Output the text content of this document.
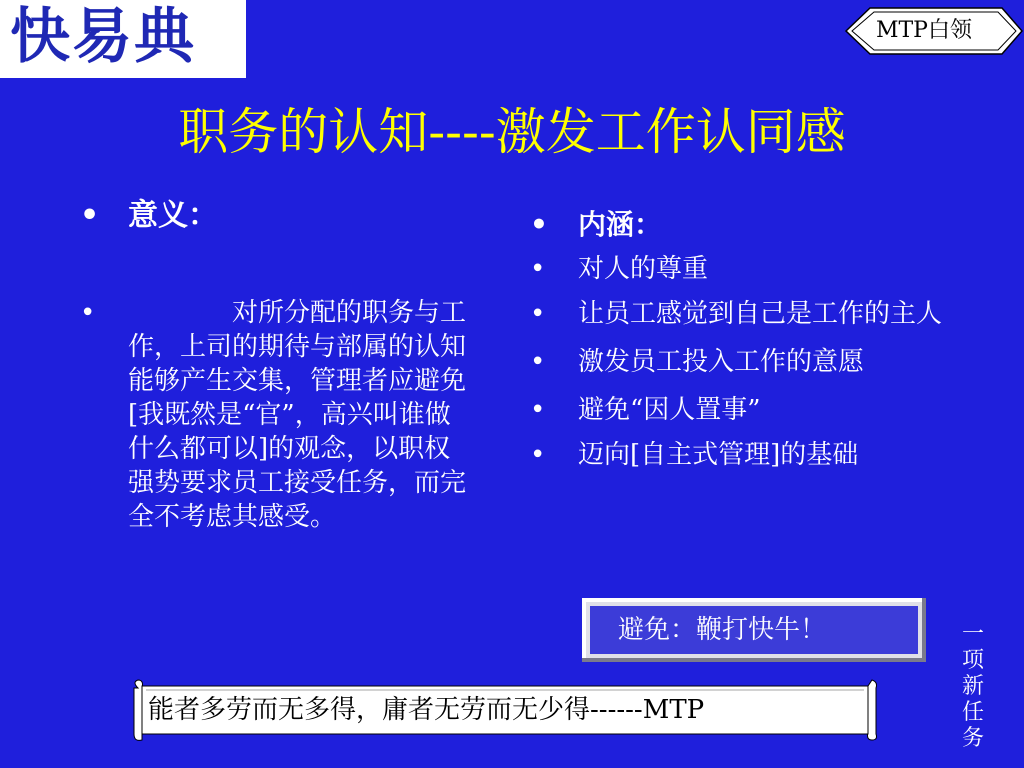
快易典	MTP白领
职务的认知----激发工作认同感
• 意义：
•	对所分配的职务与工作，上司的期待与部属的认知能够产生交集，管理者应避免[我既然是“官”，高兴叫谁做什么都可以]的观念，以职权强势要求员工接受任务，而完全不考虑其感受。
• 内涵：
• 对人的尊重
• 让员工感觉到自己是工作的主人
• 激发员工投入工作的意愿
• 避免“因人置事”
• 迈向[自主式管理]的基础
避免：鞭打快牛！
能者多劳而无多得，庸者无劳而无少得------MTP
一
项
新
任
务
